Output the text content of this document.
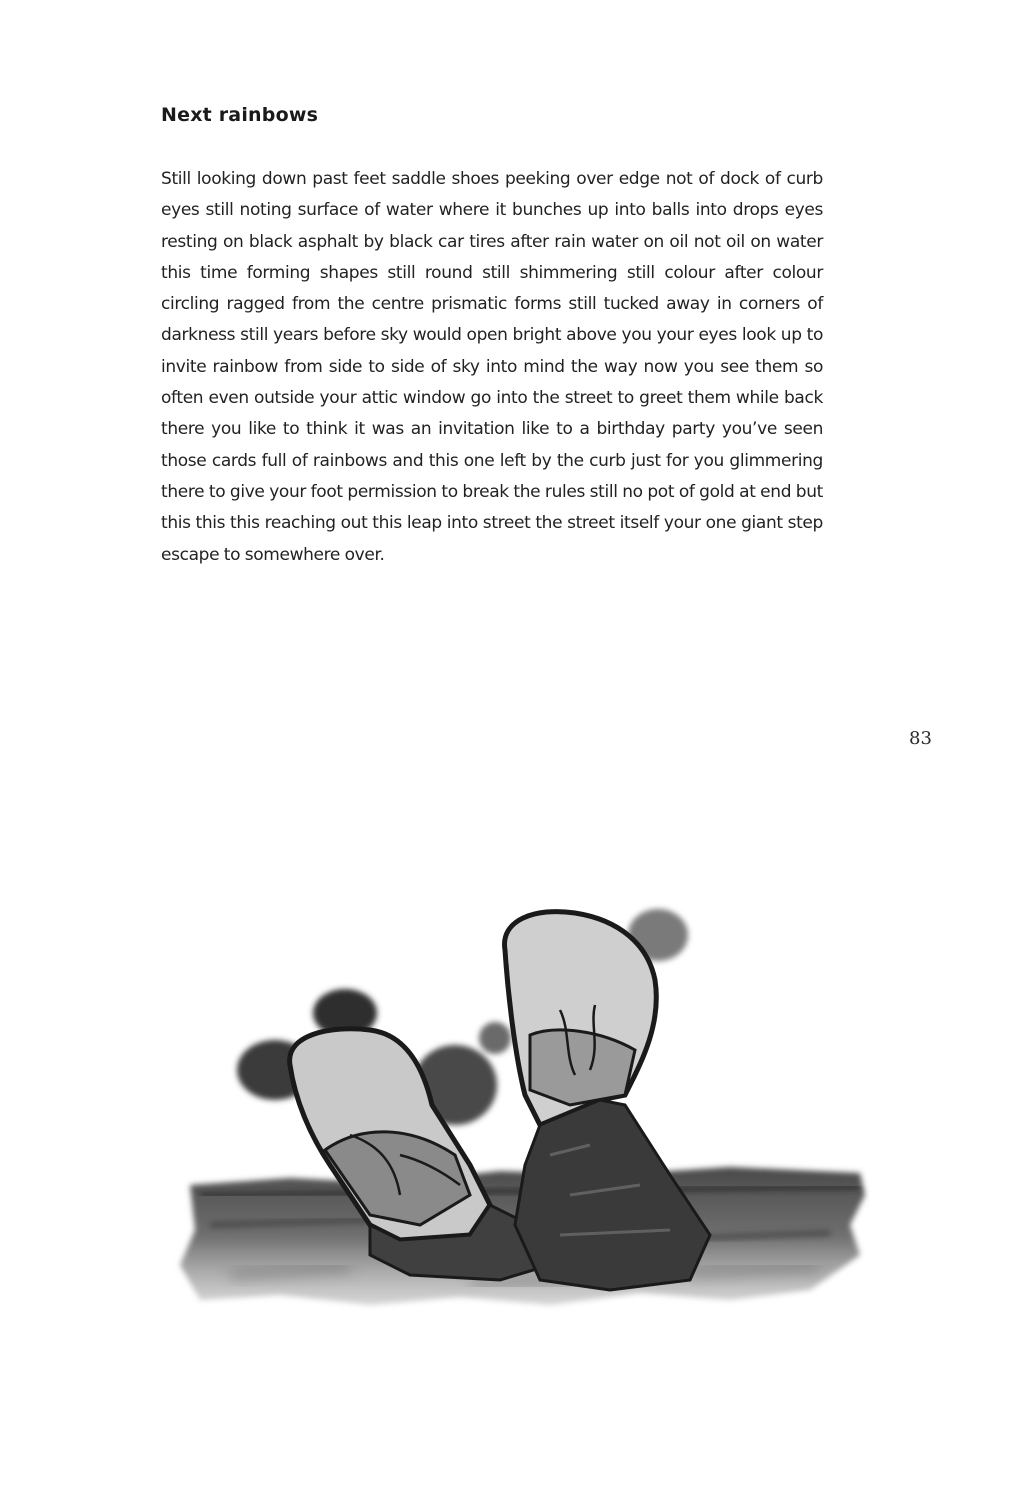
Next rainbows

Still looking down past feet saddle shoes peeking over edge not of dock of curb eyes still noting surface of water where it bunches up into balls into drops eyes resting on black asphalt by black car tires after rain water on oil not oil on water this time forming shapes still round still shimmering still colour after colour circling ragged from the centre prismatic forms still tucked away in corners of darkness still years before sky would open bright above you your eyes look up to invite rainbow from side to side of sky into mind the way now you see them so often even outside your attic window go into the street to greet them while back there you like to think it was an invitation like to a birthday party you’ve seen those cards full of rainbows and this one left by the curb just for you glimmering there to give your foot permission to break the rules still no pot of gold at end but this this this reaching out this leap into street the street itself your one giant step escape to somewhere over.

83
